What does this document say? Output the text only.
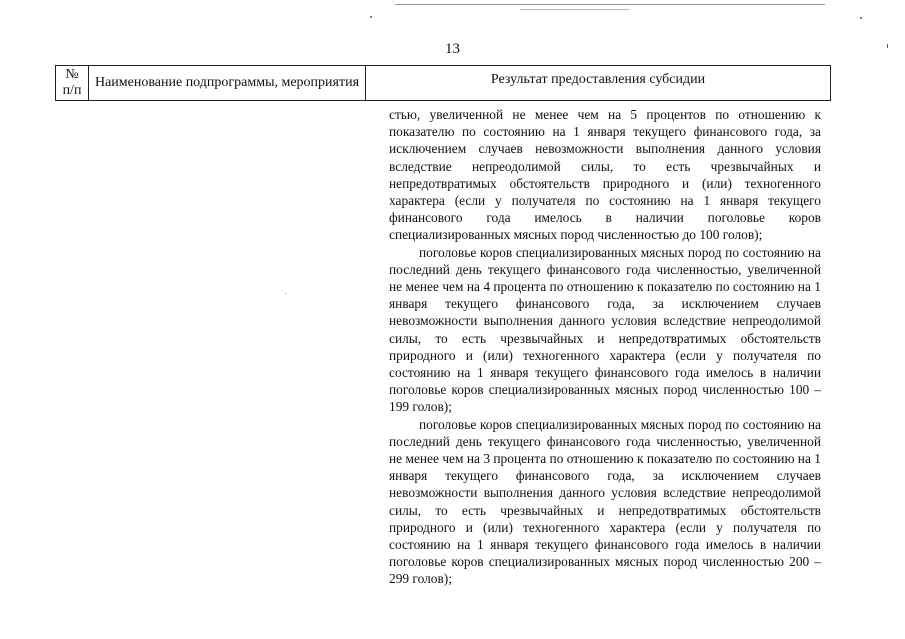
13
№ п/п	Наименование подпрограммы, мероприятия	Результат предоставления субсидии

стью, увеличенной не менее чем на 5 процентов по отношению к показателю по состоянию на 1 января текущего финансового года, за исключением случаев невозможности выполнения данного условия вследствие непреодолимой силы, то есть чрезвычайных и непредотвратимых обстоятельств природного и (или) техногенного характера (если у получателя по состоянию на 1 января текущего финансового года имелось в наличии поголовье коров специализированных мясных пород численностью до 100 голов);

поголовье коров специализированных мясных пород по состоянию на последний день текущего финансового года численностью, увеличенной не менее чем на 4 процента по отношению к показателю по состоянию на 1 января текущего финансового года, за исключением случаев невозможности выполнения данного условия вследствие непреодолимой силы, то есть чрезвычайных и непредотвратимых обстоятельств природного и (или) техногенного характера (если у получателя по состоянию на 1 января текущего финансового года имелось в наличии поголовье коров специализированных мясных пород численностью 100 – 199 голов);

поголовье коров специализированных мясных пород по состоянию на последний день текущего финансового года численностью, увеличенной не менее чем на 3 процента по отношению к показателю по состоянию на 1 января текущего финансового года, за исключением случаев невозможности выполнения данного условия вследствие непреодолимой силы, то есть чрезвычайных и непредотвратимых обстоятельств природного и (или) техногенного характера (если у получателя по состоянию на 1 января текущего финансового года имелось в наличии поголовье коров специализированных мясных пород численностью 200 – 299 голов);
